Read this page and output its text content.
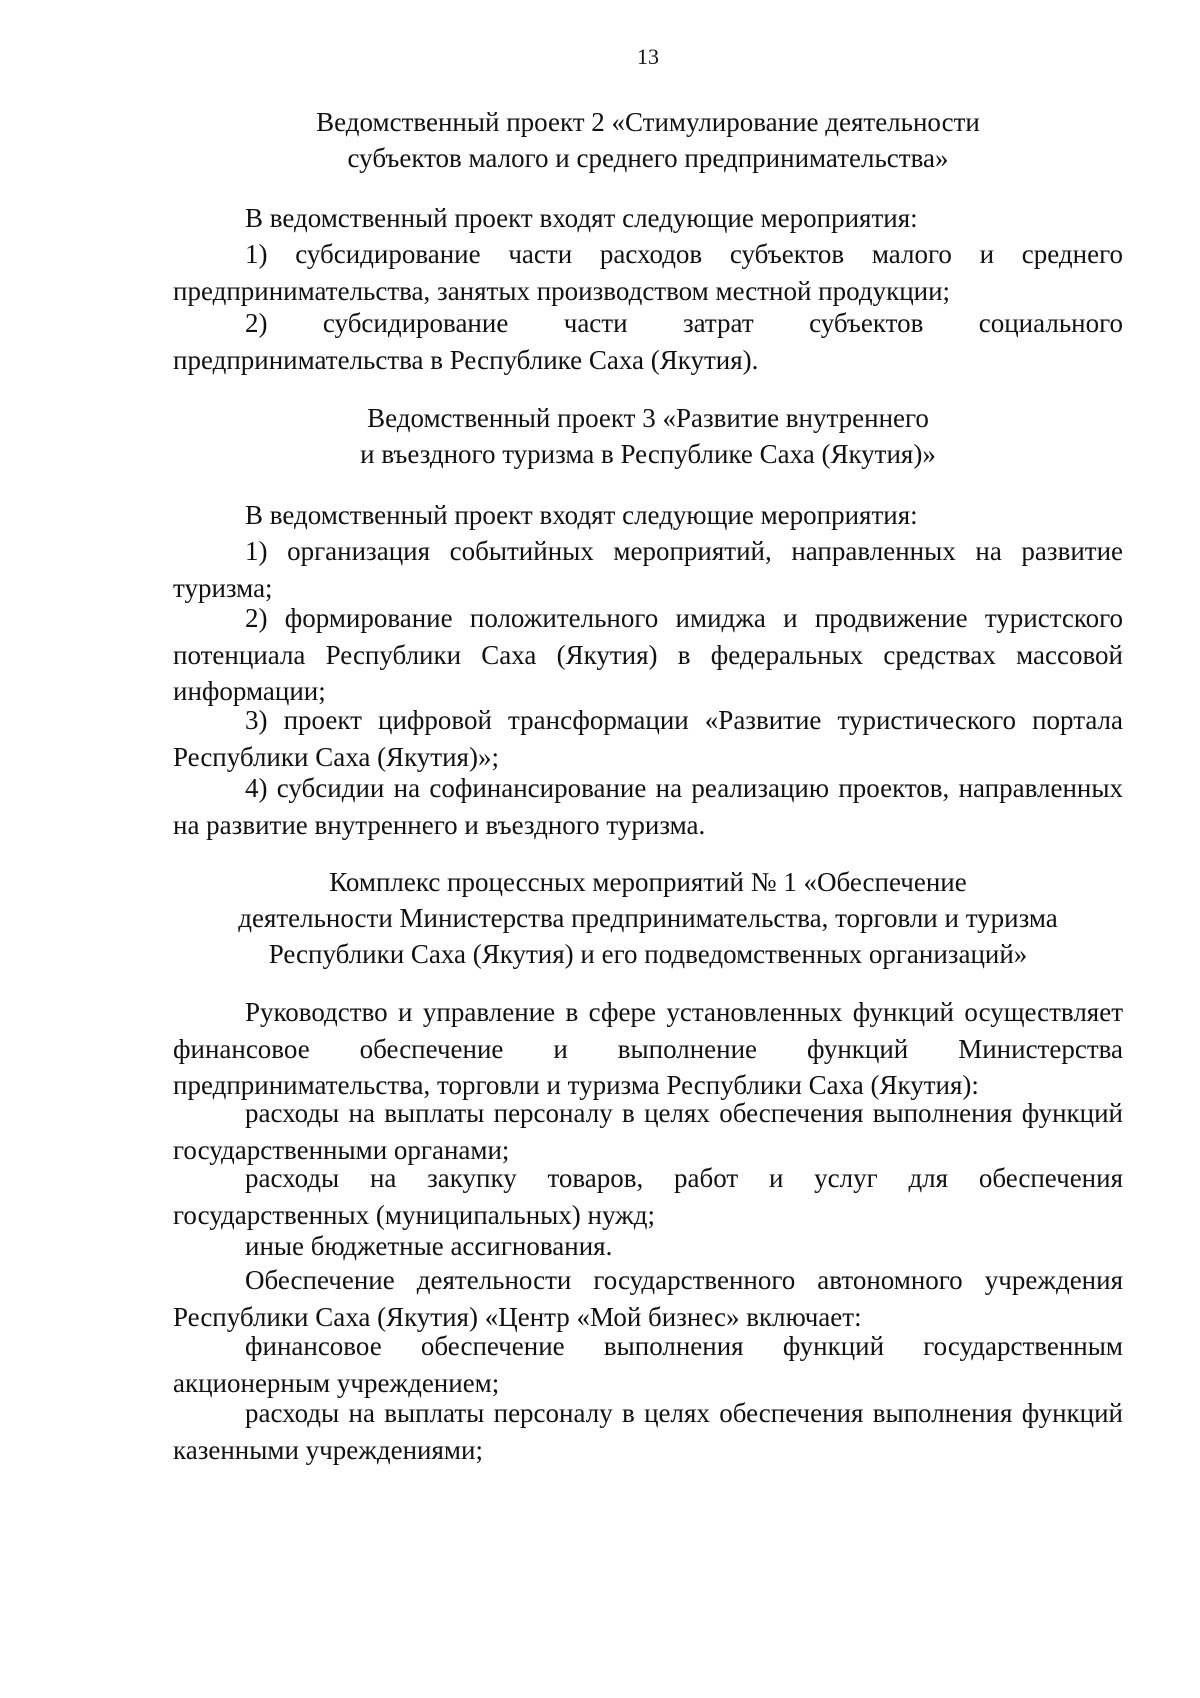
13
Ведомственный проект 2 «Стимулирование деятельности
субъектов малого и среднего предпринимательства»

В ведомственный проект входят следующие мероприятия:

1) субсидирование части расходов субъектов малого и среднего предпринимательства, занятых производством местной продукции;

2) субсидирование части затрат субъектов социального предпринимательства в Республике Саха (Якутия).

Ведомственный проект 3 «Развитие внутреннего
и въездного туризма в Республике Саха (Якутия)»

В ведомственный проект входят следующие мероприятия:

1) организация событийных мероприятий, направленных на развитие туризма;

2) формирование положительного имиджа и продвижение туристского потенциала Республики Саха (Якутия) в федеральных средствах массовой информации;

3) проект цифровой трансформации «Развитие туристического портала Республики Саха (Якутия)»;

4) субсидии на софинансирование на реализацию проектов, направленных на развитие внутреннего и въездного туризма.

Комплекс процессных мероприятий № 1 «Обеспечение
деятельности Министерства предпринимательства, торговли и туризма
Республики Саха (Якутия) и его подведомственных организаций»

Руководство и управление в сфере установленных функций осуществляет финансовое обеспечение и выполнение функций Министерства предпринимательства, торговли и туризма Республики Саха (Якутия):

расходы на выплаты персоналу в целях обеспечения выполнения функций государственными органами;

расходы на закупку товаров, работ и услуг для обеспечения государственных (муниципальных) нужд;

иные бюджетные ассигнования.

Обеспечение деятельности государственного автономного учреждения Республики Саха (Якутия) «Центр «Мой бизнес» включает:

финансовое обеспечение выполнения функций государственным акционерным учреждением;

расходы на выплаты персоналу в целях обеспечения выполнения функций казенными учреждениями;
